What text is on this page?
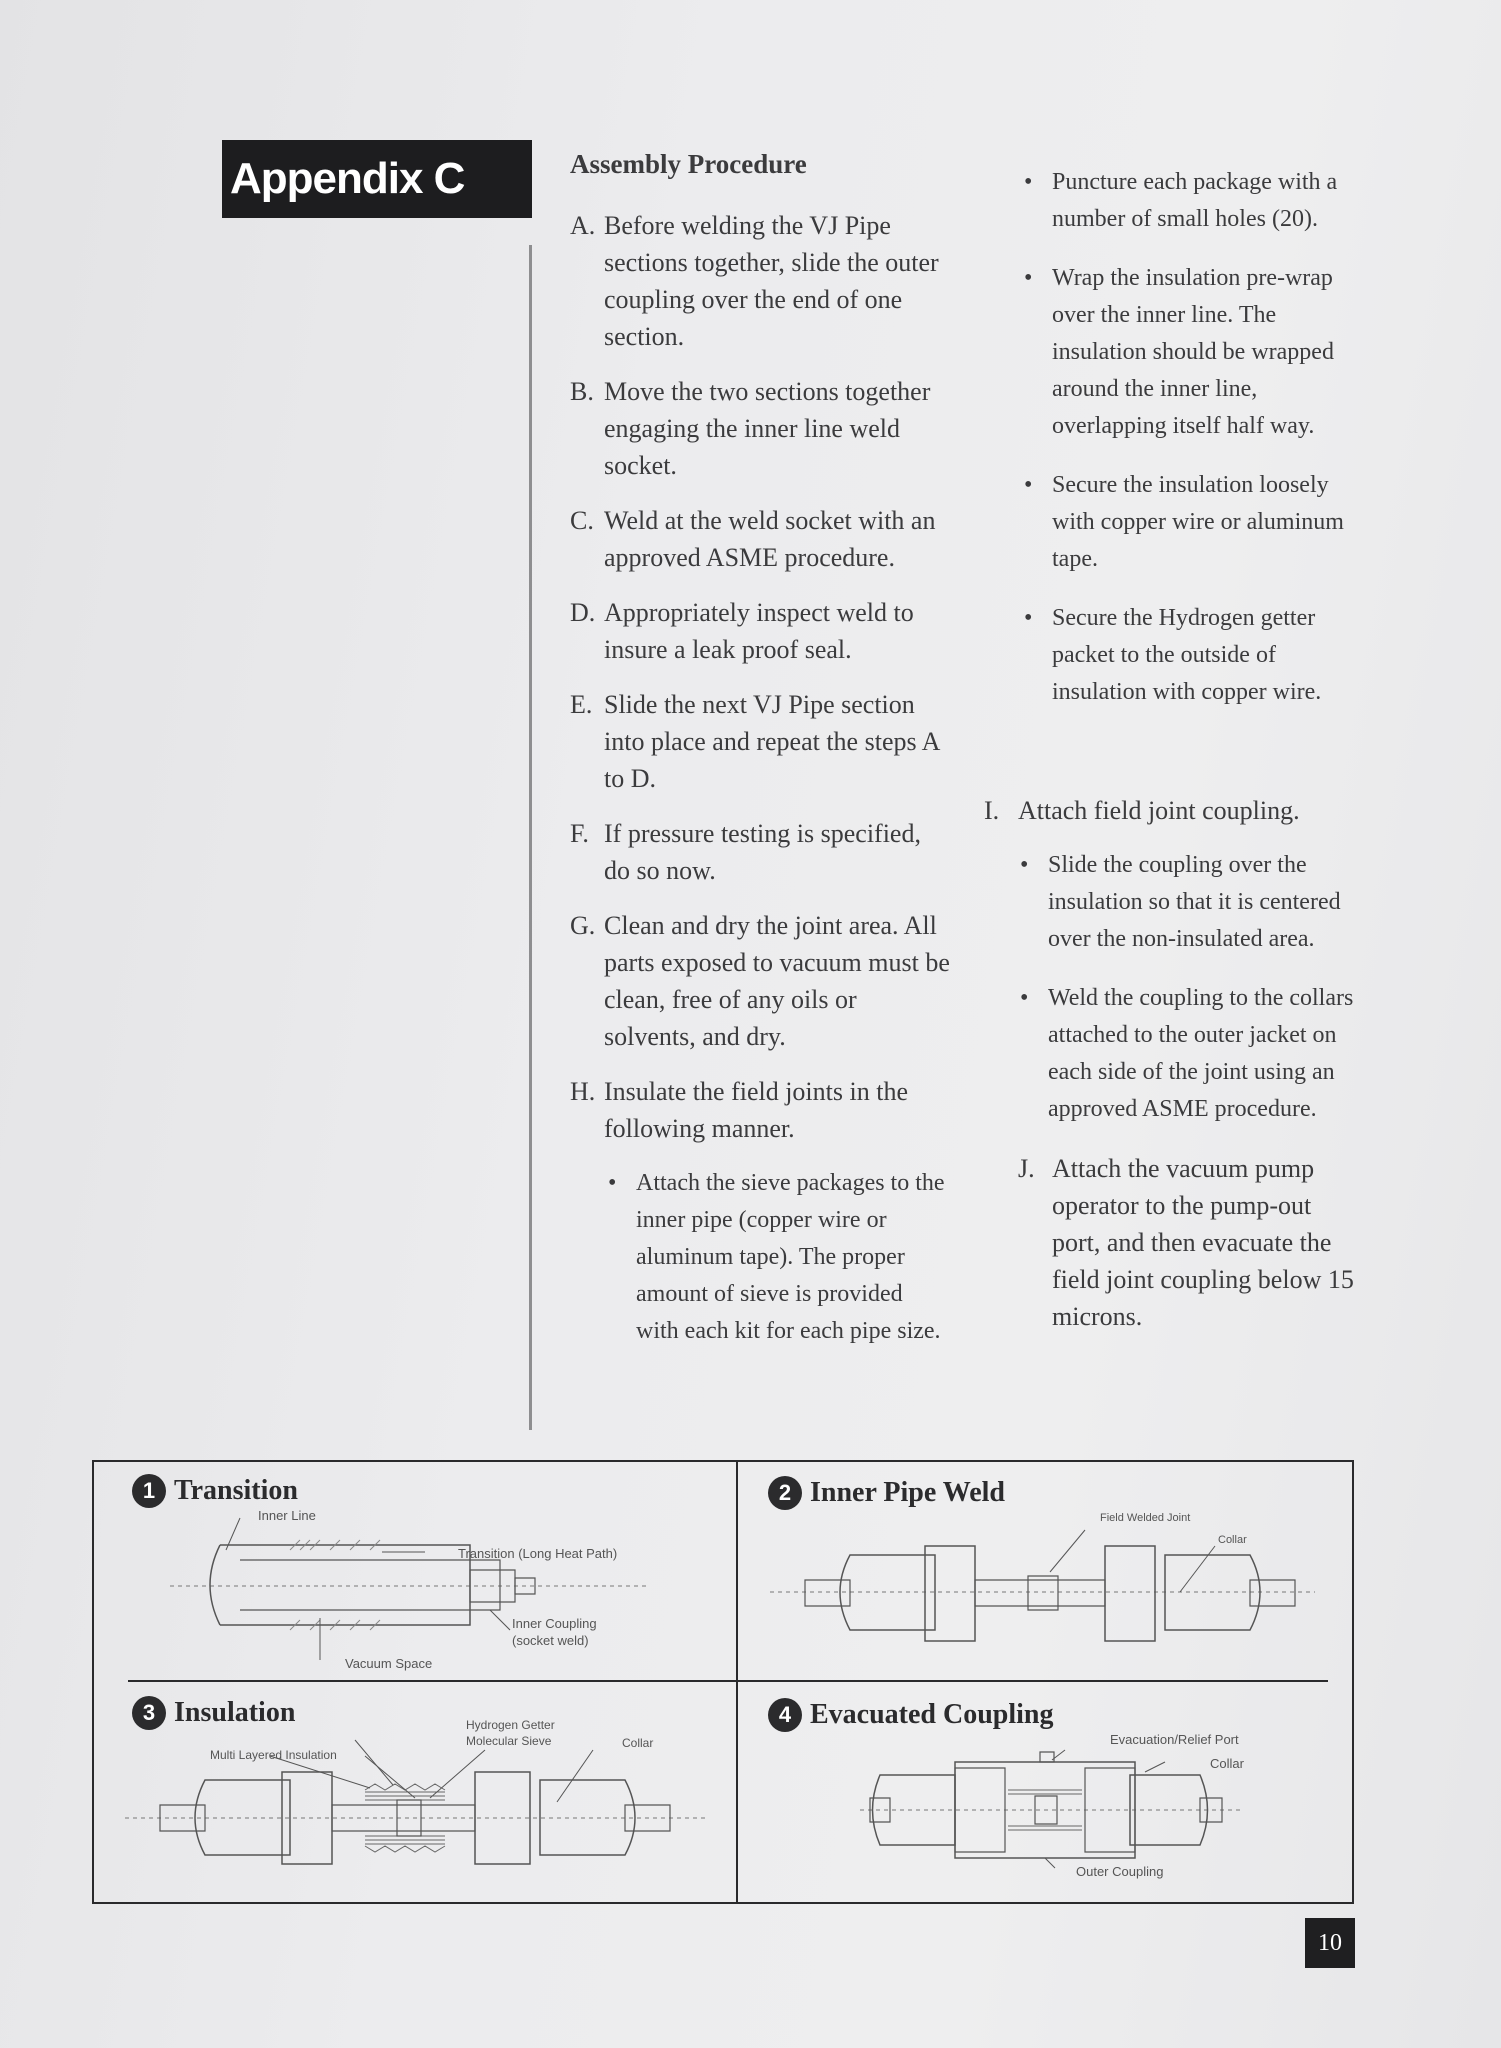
Appendix C	Assembly Procedure
A. Before welding the VJ Pipe sections together, slide the outer coupling over the end of one section.
B. Move the two sections together engaging the inner line weld socket.
C. Weld at the weld socket with an approved ASME procedure.
D. Appropriately inspect weld to insure a leak proof seal.
E. Slide the next VJ Pipe section into place and repeat the steps A to D.
F. If pressure testing is specified, do so now.
G. Clean and dry the joint area. All parts exposed to vacuum must be clean, free of any oils or solvents, and dry.
H. Insulate the field joints in the following manner.
• Attach the sieve packages to the inner pipe (copper wire or aluminum tape). The proper amount of sieve is provided with each kit for each pipe size.
• Puncture each package with a number of small holes (20).
• Wrap the insulation pre-wrap over the inner line. The insulation should be wrapped around the inner line, overlapping itself half way.
• Secure the insulation loosely with copper wire or aluminum tape.
• Secure the Hydrogen getter packet to the outside of insulation with copper wire.
I. Attach field joint coupling.
• Slide the coupling over the insulation so that it is centered over the non-insulated area.
• Weld the coupling to the collars attached to the outer jacket on each side of the joint using an approved ASME procedure.
J. Attach the vacuum pump operator to the pump-out port, and then evacuate the field joint coupling below 15 microns.
1 Transition
Inner Line
Transition (Long Heat Path)
Inner Coupling
(socket weld)
Vacuum Space
2 Inner Pipe Weld
Field Welded Joint
Collar
3 Insulation	Hydrogen Getter
Molecular Sieve
Multi Layered Insulation
Collar
4 Evacuated Coupling
Evacuation/Relief Port
Collar
Outer Coupling
10
